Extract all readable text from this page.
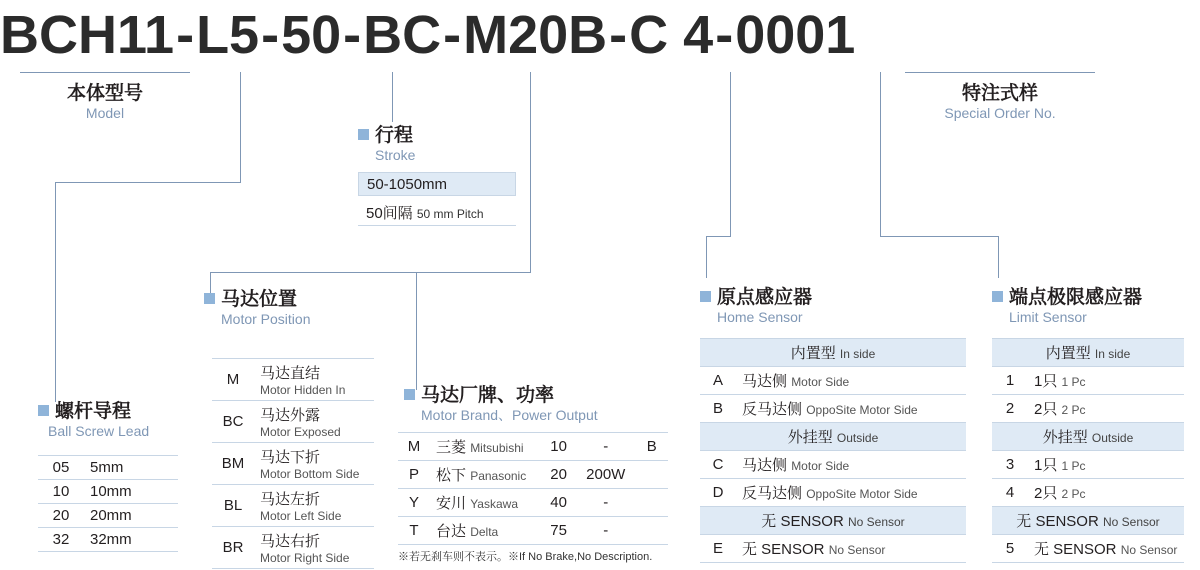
BCH11 - L5 - 50 - BC - M20B - C 4 - 0001
本体型号
Model
行程
Stroke
50-1050mm
50间隔 50 mm Pitch
特注式样
Special Order No.
螺杆导程
Ball Screw Lead
05	5mm
10	10mm
20	20mm
32	32mm
马达位置
Motor Position
M	马达直结
Motor Hidden In

BC	马达外露
Motor Exposed

BM	马达下折
Motor Bottom Side

BL	马达左折
Motor Left Side

BR	马达右折
Motor Right Side
马达厂牌、功率
Motor Brand、Power Output
M	三菱 Mitsubishi	10	-	B
P	松下 Panasonic	20	200W	
Y	安川 Yaskawa	40	-	
T	台达 Delta	75	-	
※若无刹车则不表示。※If No Brake,No Description.
原点感应器
Home Sensor
内置型 In side	
A	马达侧 Motor Side
B	反马达侧 OppoSite Motor Side
外挂型 Outside	
C	马达侧 Motor Side
D	反马达侧 OppoSite Motor Side
无 SENSOR No Sensor	
E	无 SENSOR No Sensor
端点极限感应器
Limit Sensor
内置型 In side	
1	1只 1 Pc
2	2只 2 Pc
外挂型 Outside	
3	1只 1 Pc
4	2只 2 Pc
无 SENSOR No Sensor	
5	无 SENSOR No Sensor
